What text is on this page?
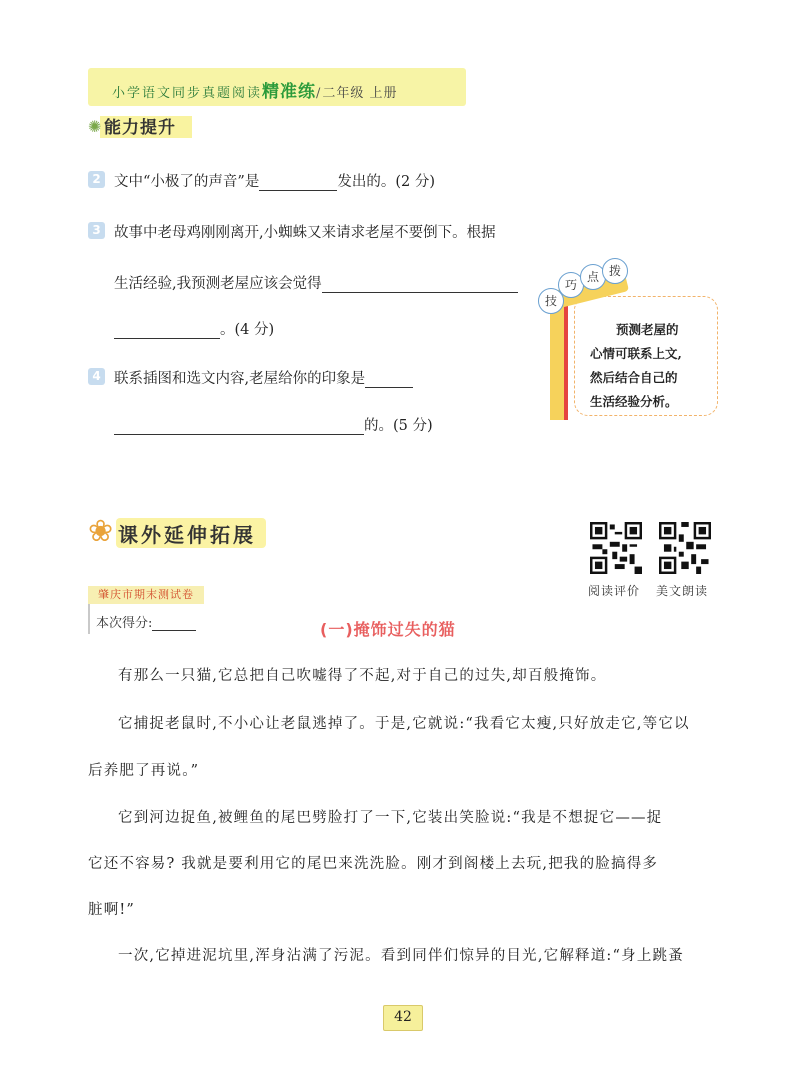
小学语文同步真题阅读精准练/二年级 上册
✺ 能力提升
2 文中“小极了的声音”是	发出的。(2 分)
3 故事中老母鸡刚刚离开,小蜘蛛又来请求老屋不要倒下。根据
生活经验,我预测老屋应该会觉得
。(4 分)
4 联系插图和选文内容,老屋给你的印象是
的。(5 分)
技
巧
点 拨
预测老屋的
心情可联系上文,
然后结合自己的
生活经验分析。
❀ 课外延伸拓展
阅读评价 美文朗读
肇庆市期末测试卷
本次得分:	(一)掩饰过失的猫
有那么一只猫,它总把自己吹嘘得了不起,对于自己的过失,却百般掩饰。
它捕捉老鼠时,不小心让老鼠逃掉了。于是,它就说:“我看它太瘦,只好放走它,等它以
后养肥了再说。”
它到河边捉鱼,被鲤鱼的尾巴劈脸打了一下,它装出笑脸说:“我是不想捉它——捉
它还不容易? 我就是要利用它的尾巴来洗洗脸。刚才到阁楼上去玩,把我的脸搞得多
脏啊!”
一次,它掉进泥坑里,浑身沾满了污泥。看到同伴们惊异的目光,它解释道:“身上跳蚤
42
